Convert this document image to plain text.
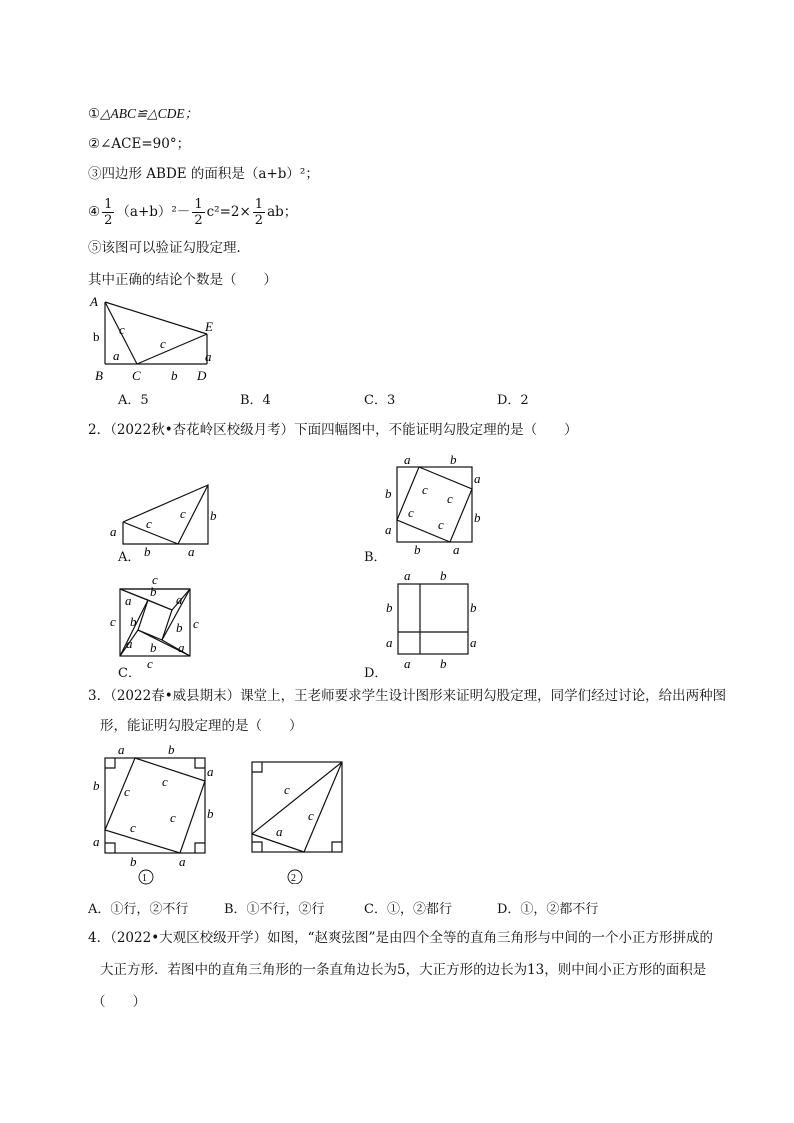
①△ABC≌△CDE；
②∠ACE=90°；
③四边形 ABDE 的面积是（a+b）²；
④ $\frac{1}{2} (a+b)^2- \frac{1}{2} c^2=2\times \frac{1}{2}$ ab；
⑤该图可以验证勾股定理．
其中正确的结论个数是（　　）
A
b c
a
c
E
a
B C b D
A．5	B．4	C．3	D．2
2．（2022秋•杏花岭区校级月考）下面四幅图中，不能证明勾股定理的是（　　）
a
c
c b
b	a
A．
a	b
a
b
b
a
b	a
c
c
c
c
B．
c
c	c
c
a
b
a
b
b
a b a
C．
a b
b
a
b
a
a b
D．
3．（2022春•威县期末）课堂上，王老师要求学生设计图形来证明勾股定理，同学们经过讨论，给出两种图
形，能证明勾股定理的是（　　）
a	b
a
b
b
a
b	a
c
c
c
c
1
c
c
a
2
A．①行，②不行	B．①不行，②行	C．①，②都行	D．①，②都不行
4．（2022•大观区校级开学）如图，“赵爽弦图”是由四个全等的直角三角形与中间的一个小正方形拼成的
大正方形．若图中的直角三角形的一条直角边长为5，大正方形的边长为13，则中间小正方形的面积是
（　　）
